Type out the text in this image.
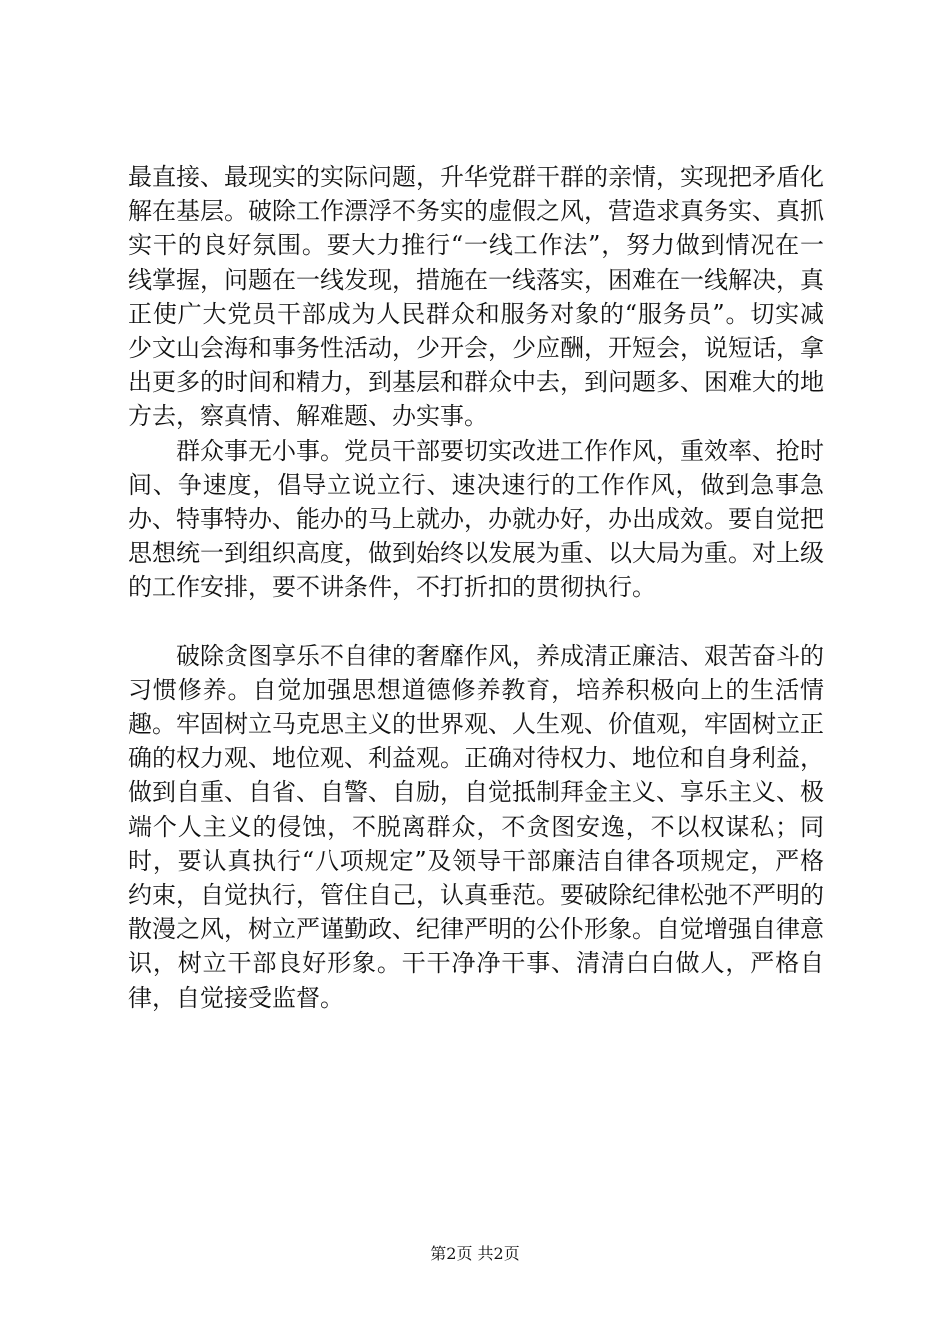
最直接、最现实的实际问题，升华党群干群的亲情，实现把矛盾化解在基层。破除工作漂浮不务实的虚假之风，营造求真务实、真抓实干的良好氛围。要大力推行“一线工作法”，努力做到情况在一线掌握，问题在一线发现，措施在一线落实，困难在一线解决，真正使广大党员干部成为人民群众和服务对象的“服务员”。切实减少文山会海和事务性活动，少开会，少应酬，开短会，说短话，拿出更多的时间和精力，到基层和群众中去，到问题多、困难大的地方去，察真情、解难题、办实事。

群众事无小事。党员干部要切实改进工作作风，重效率、抢时间、争速度，倡导立说立行、速决速行的工作作风，做到急事急办、特事特办、能办的马上就办，办就办好，办出成效。要自觉把思想统一到组织高度，做到始终以发展为重、以大局为重。对上级的工作安排，要不讲条件，不打折扣的贯彻执行。

破除贪图享乐不自律的奢靡作风，养成清正廉洁、艰苦奋斗的习惯修养。自觉加强思想道德修养教育，培养积极向上的生活情趣。牢固树立马克思主义的世界观、人生观、价值观，牢固树立正确的权力观、地位观、利益观。正确对待权力、地位和自身利益，做到自重、自省、自警、自励，自觉抵制拜金主义、享乐主义、极端个人主义的侵蚀，不脱离群众，不贪图安逸，不以权谋私；同时，要认真执行“八项规定”及领导干部廉洁自律各项规定，严格约束，自觉执行，管住自己，认真垂范。要破除纪律松弛不严明的散漫之风，树立严谨勤政、纪律严明的公仆形象。自觉增强自律意识，树立干部良好形象。干干净净干事、清清白白做人，严格自律，自觉接受监督。

第2页 共2页
